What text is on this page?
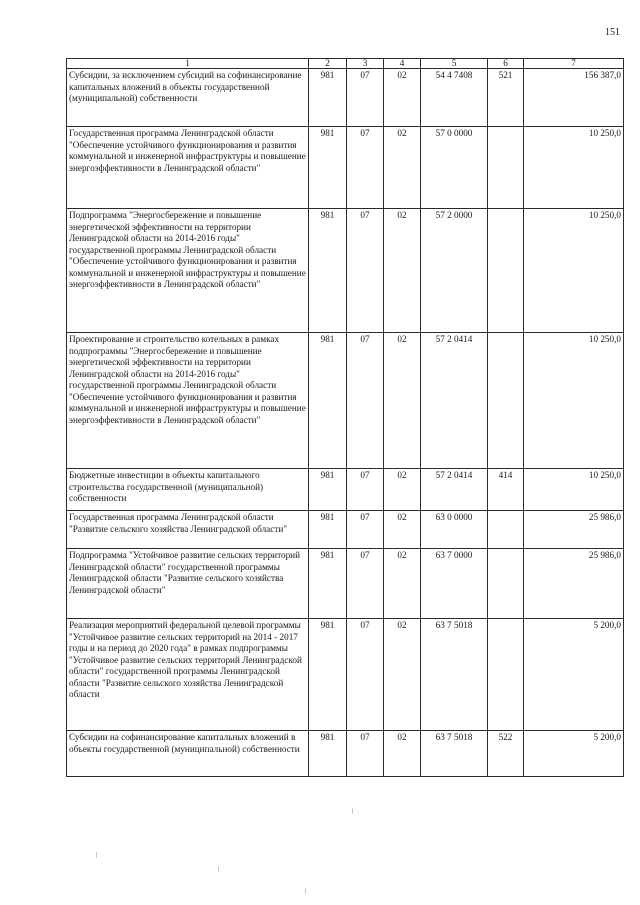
151
1	2	3	4	5	6	7
Субсидии, за исключением субсидий на софинансирование капитальных вложений в объекты государственной (муниципальной) собственности	981	07	02	54 4 7408	521	156 387,0
Государственная программа Ленинградской области "Обеспечение устойчивого функционирования и развития коммунальной и инженерной инфраструктуры и повышение энергоэффективности в Ленинградской области"	981	07	02	57 0 0000		10 250,0
Подпрограмма "Энергосбережение и повышение энергетической эффективности на территории Ленинградской области на 2014-2016 годы" государственной программы Ленинградской области "Обеспечение устойчивого функционирования и развития коммунальной и инженерной инфраструктуры и повышение энергоэффективности в Ленинградской области"	981	07	02	57 2 0000		10 250,0
Проектирование и строительство котельных в рамках подпрограммы "Энергосбережение и повышение энергетической эффективности на территории Ленинградской области на 2014-2016 годы" государственной программы Ленинградской области "Обеспечение устойчивого функционирования и развития коммунальной и инженерной инфраструктуры и повышение энергоэффективности в Ленинградской области"	981	07	02	57 2 0414		10 250,0
Бюджетные инвестиции в объекты капитального строительства государственной (муниципальной) собственности	981	07	02	57 2 0414	414	10 250,0
Государственная программа Ленинградской области "Развитие сельского хозяйства Ленинградской области"	981	07	02	63 0 0000		25 986,0
Подпрограмма "Устойчивое развитие сельских территорий Ленинградской области" государственной программы Ленинградской области "Развитие сельского хозяйства Ленинградской области"	981	07	02	63 7 0000		25 986,0
Реализация мероприятий федеральной целевой программы "Устойчивое развитие сельских территорий на 2014 - 2017 годы и на период до 2020 года" в рамках подпрограммы "Устойчивое развитие сельских территорий Ленинградской области" государственной программы Ленинградской области "Развитие сельского хозяйства Ленинградской области	981	07	02	63 7 5018		5 200,0
Субсидии на софинансирование капитальных вложений в объекты государственной (муниципальной) собственности	981	07	02	63 7 5018	522	5 200,0
